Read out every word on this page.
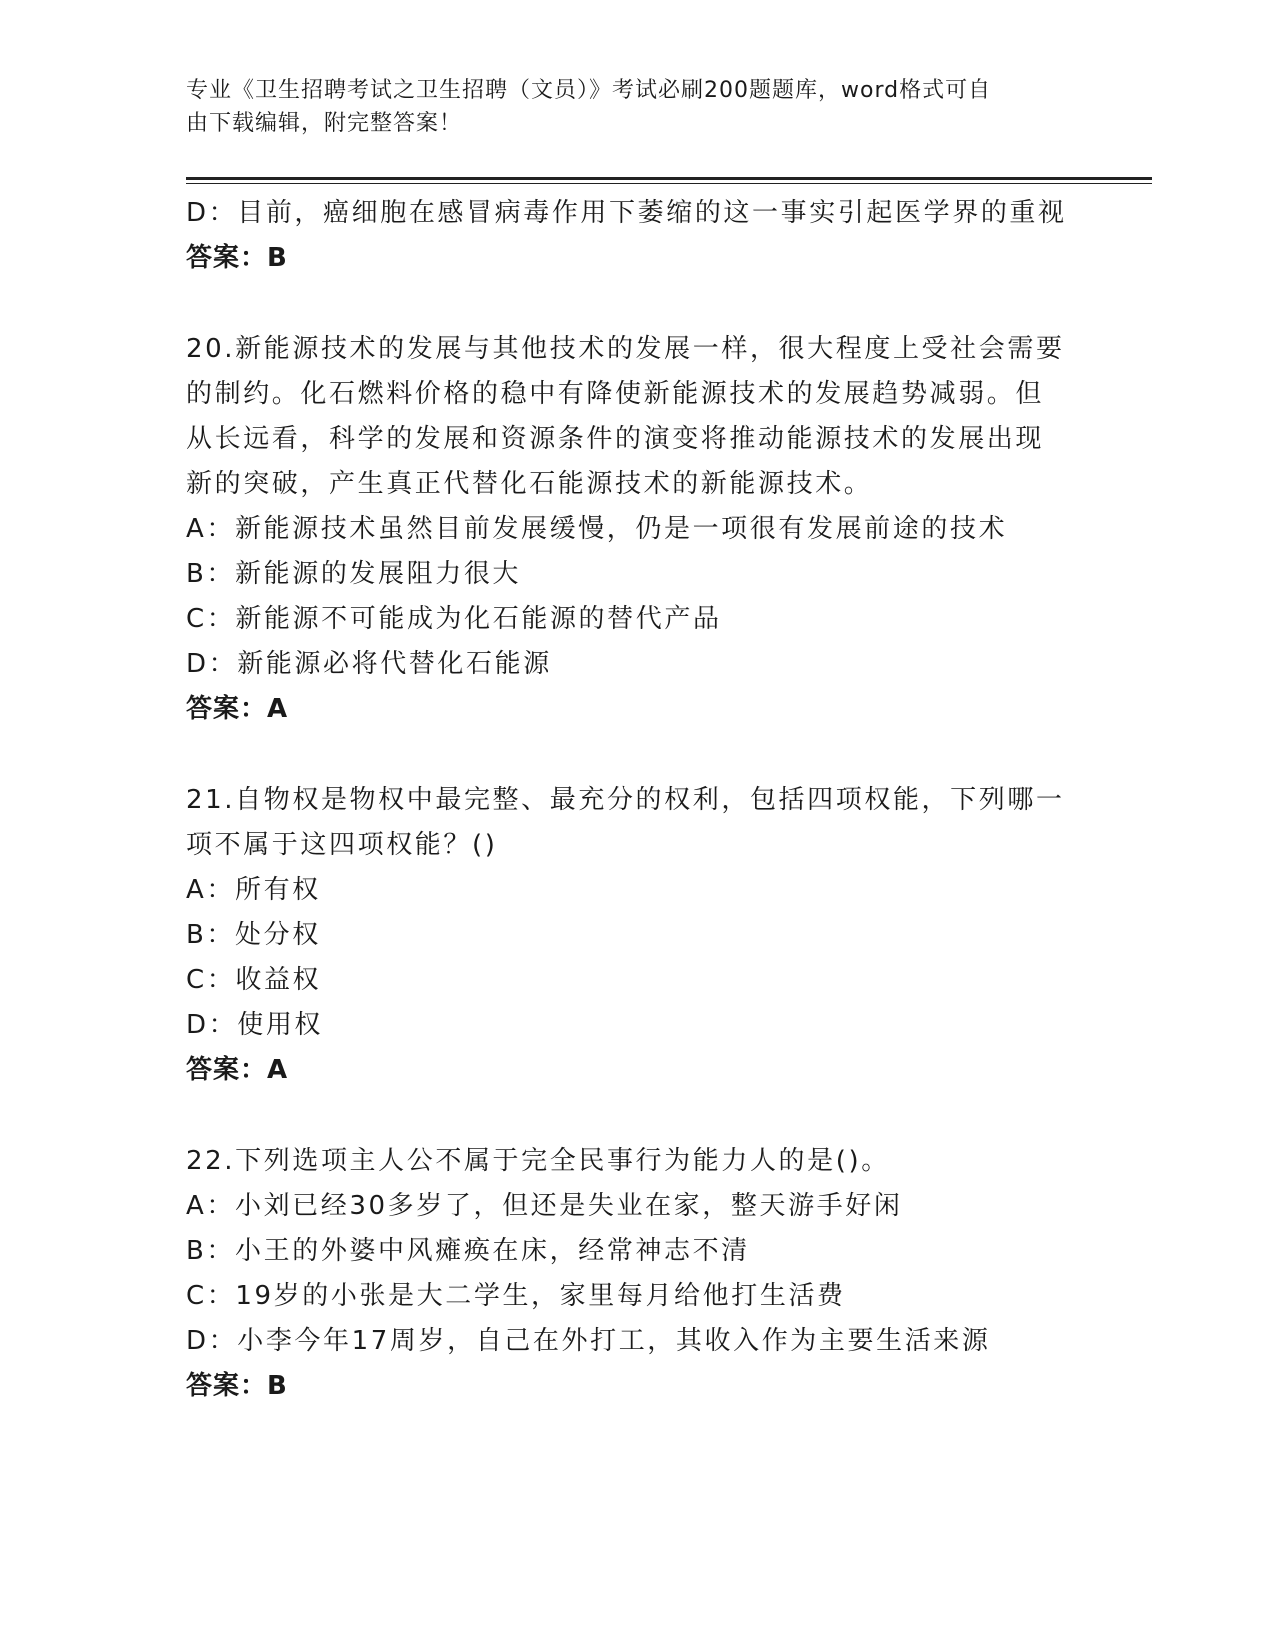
专业《卫生招聘考试之卫生招聘（文员）》考试必刷200题题库，word格式可自
由下载编辑，附完整答案！
D：目前，癌细胞在感冒病毒作用下萎缩的这一事实引起医学界的重视
答案：B
20.新能源技术的发展与其他技术的发展一样，很大程度上受社会需要
的制约。化石燃料价格的稳中有降使新能源技术的发展趋势减弱。但
从长远看，科学的发展和资源条件的演变将推动能源技术的发展出现
新的突破，产生真正代替化石能源技术的新能源技术。
A：新能源技术虽然目前发展缓慢，仍是一项很有发展前途的技术
B：新能源的发展阻力很大
C：新能源不可能成为化石能源的替代产品
D：新能源必将代替化石能源
答案：A
21.自物权是物权中最完整、最充分的权利，包括四项权能，下列哪一
项不属于这四项权能？()
A：所有权
B：处分权
C：收益权
D：使用权
答案：A
22.下列选项主人公不属于完全民事行为能力人的是()。
A：小刘已经30多岁了，但还是失业在家，整天游手好闲
B：小王的外婆中风瘫痪在床，经常神志不清
C：19岁的小张是大二学生，家里每月给他打生活费
D：小李今年17周岁，自己在外打工，其收入作为主要生活来源
答案：B
